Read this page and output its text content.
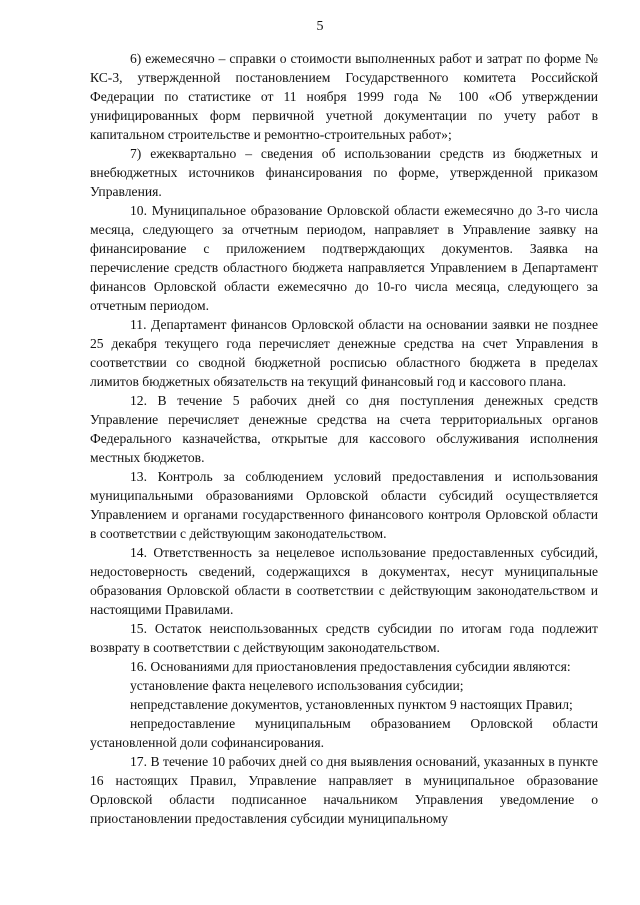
5

6) ежемесячно – справки о стоимости выполненных работ и затрат по форме № КС-3, утвержденной постановлением Государственного комитета Российской Федерации по статистике от 11 ноября 1999 года № 100 «Об утверждении унифицированных форм первичной учетной документации по учету работ в капитальном строительстве и ремонтно-строительных работ»;

7) ежеквартально – сведения об использовании средств из бюджетных и внебюджетных источников финансирования по форме, утвержденной приказом Управления.

10. Муниципальное образование Орловской области ежемесячно до 3-го числа месяца, следующего за отчетным периодом, направляет в Управление заявку на финансирование с приложением подтверждающих документов. Заявка на перечисление средств областного бюджета направляется Управлением в Департамент финансов Орловской области ежемесячно до 10-го числа месяца, следующего за отчетным периодом.

11. Департамент финансов Орловской области на основании заявки не позднее 25 декабря текущего года перечисляет денежные средства на счет Управления в соответствии со сводной бюджетной росписью областного бюджета в пределах лимитов бюджетных обязательств на текущий финансовый год и кассового плана.

12. В течение 5 рабочих дней со дня поступления денежных средств Управление перечисляет денежные средства на счета территориальных органов Федерального казначейства, открытые для кассового обслуживания исполнения местных бюджетов.

13. Контроль за соблюдением условий предоставления и использования муниципальными образованиями Орловской области субсидий осуществляется Управлением и органами государственного финансового контроля Орловской области в соответствии с действующим законодательством.

14. Ответственность за нецелевое использование предоставленных субсидий, недостоверность сведений, содержащихся в документах, несут муниципальные образования Орловской области в соответствии с действующим законодательством и настоящими Правилами.

15. Остаток неиспользованных средств субсидии по итогам года подлежит возврату в соответствии с действующим законодательством.

16. Основаниями для приостановления предоставления субсидии являются:

установление факта нецелевого использования субсидии;

непредставление документов, установленных пунктом 9 настоящих Правил;

непредоставление муниципальным образованием Орловской области установленной доли софинансирования.

17. В течение 10 рабочих дней со дня выявления оснований, указанных в пункте 16 настоящих Правил, Управление направляет в муниципальное образование Орловской области подписанное начальником Управления уведомление о приостановлении предоставления субсидии муниципальному
